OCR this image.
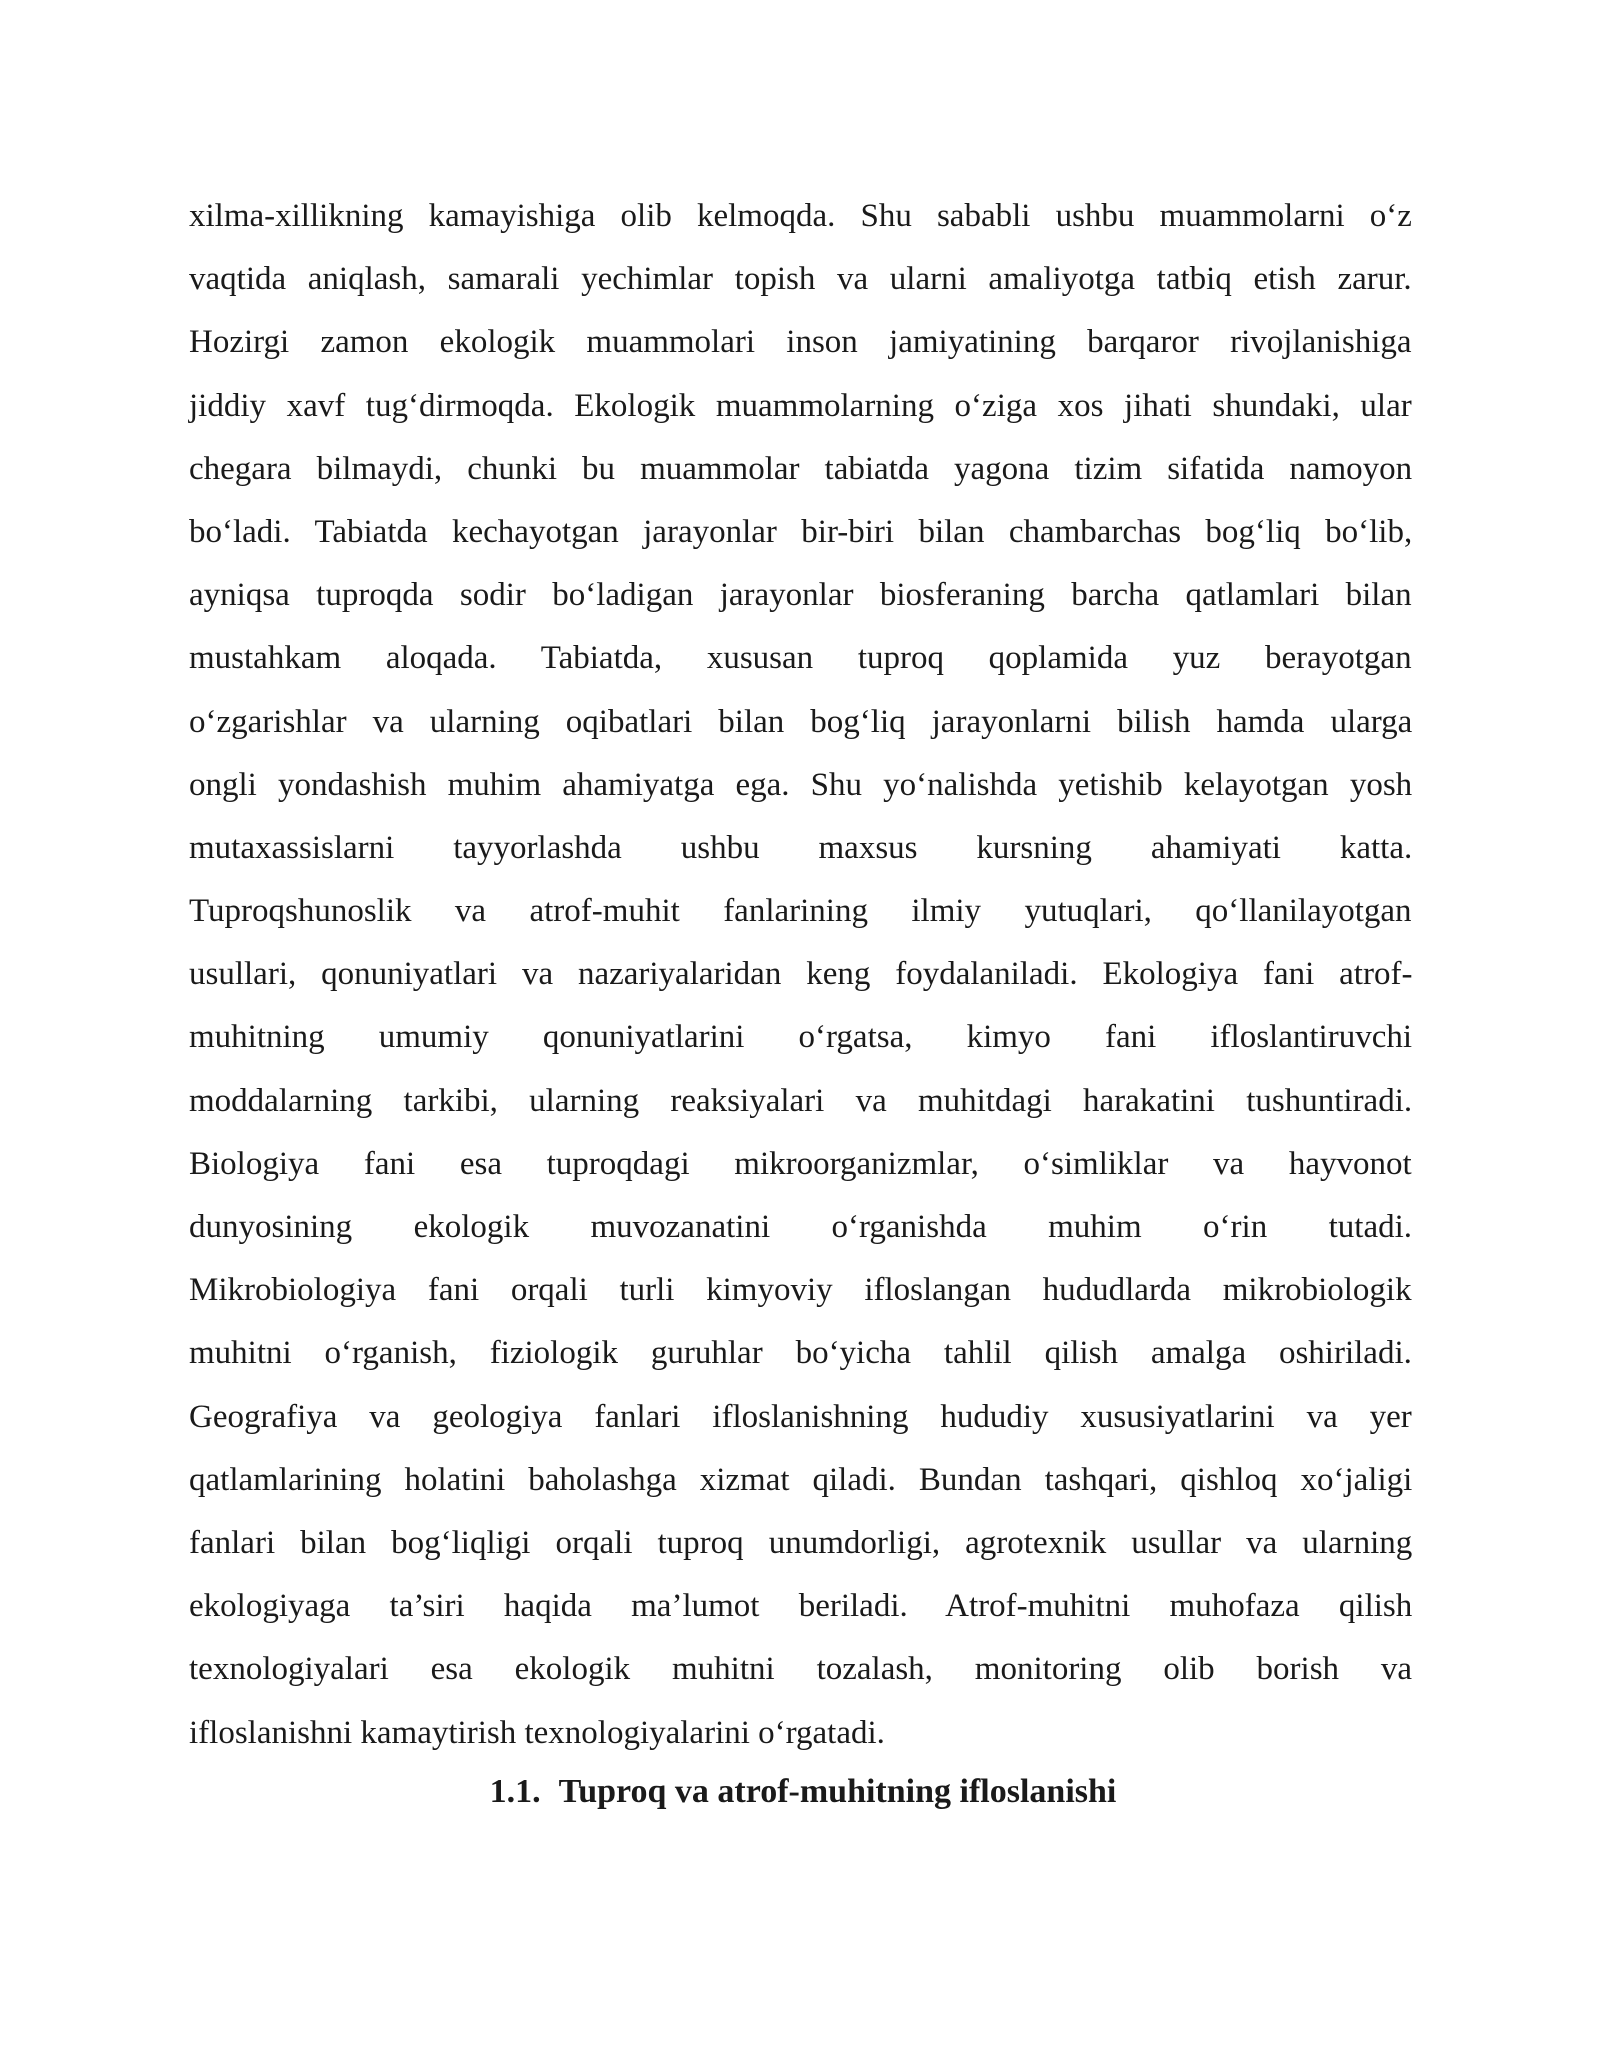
xilma-xillikning kamayishiga olib kelmoqda. Shu sababli ushbu muammolarni o‘z
vaqtida aniqlash, samarali yechimlar topish va ularni amaliyotga tatbiq etish zarur.
Hozirgi zamon ekologik muammolari inson jamiyatining barqaror rivojlanishiga
jiddiy xavf tug‘dirmoqda. Ekologik muammolarning o‘ziga xos jihati shundaki, ular
chegara bilmaydi, chunki bu muammolar tabiatda yagona tizim sifatida namoyon
bo‘ladi. Tabiatda kechayotgan jarayonlar bir-biri bilan chambarchas bog‘liq bo‘lib,
ayniqsa tuproqda sodir bo‘ladigan jarayonlar biosferaning barcha qatlamlari bilan
mustahkam aloqada. Tabiatda, xususan tuproq qoplamida yuz berayotgan
o‘zgarishlar va ularning oqibatlari bilan bog‘liq jarayonlarni bilish hamda ularga
ongli yondashish muhim ahamiyatga ega. Shu yo‘nalishda yetishib kelayotgan yosh
mutaxassislarni tayyorlashda ushbu maxsus kursning ahamiyati katta.
Tuproqshunoslik va atrof-muhit fanlarining ilmiy yutuqlari, qo‘llanilayotgan
usullari, qonuniyatlari va nazariyalaridan keng foydalaniladi. Ekologiya fani atrof-
muhitning umumiy qonuniyatlarini o‘rgatsa, kimyo fani ifloslantiruvchi
moddalarning tarkibi, ularning reaksiyalari va muhitdagi harakatini tushuntiradi.
Biologiya fani esa tuproqdagi mikroorganizmlar, o‘simliklar va hayvonot
dunyosining ekologik muvozanatini o‘rganishda muhim o‘rin tutadi.
Mikrobiologiya fani orqali turli kimyoviy ifloslangan hududlarda mikrobiologik
muhitni o‘rganish, fiziologik guruhlar bo‘yicha tahlil qilish amalga oshiriladi.
Geografiya va geologiya fanlari ifloslanishning hududiy xususiyatlarini va yer
qatlamlarining holatini baholashga xizmat qiladi. Bundan tashqari, qishloq xo‘jaligi
fanlari bilan bog‘liqligi orqali tuproq unumdorligi, agrotexnik usullar va ularning
ekologiyaga ta’siri haqida ma’lumot beriladi. Atrof-muhitni muhofaza qilish
texnologiyalari esa ekologik muhitni tozalash, monitoring olib borish va
ifloslanishni kamaytirish texnologiyalarini o‘rgatadi.
1.1. Tuproq va atrof-muhitning ifloslanishi
